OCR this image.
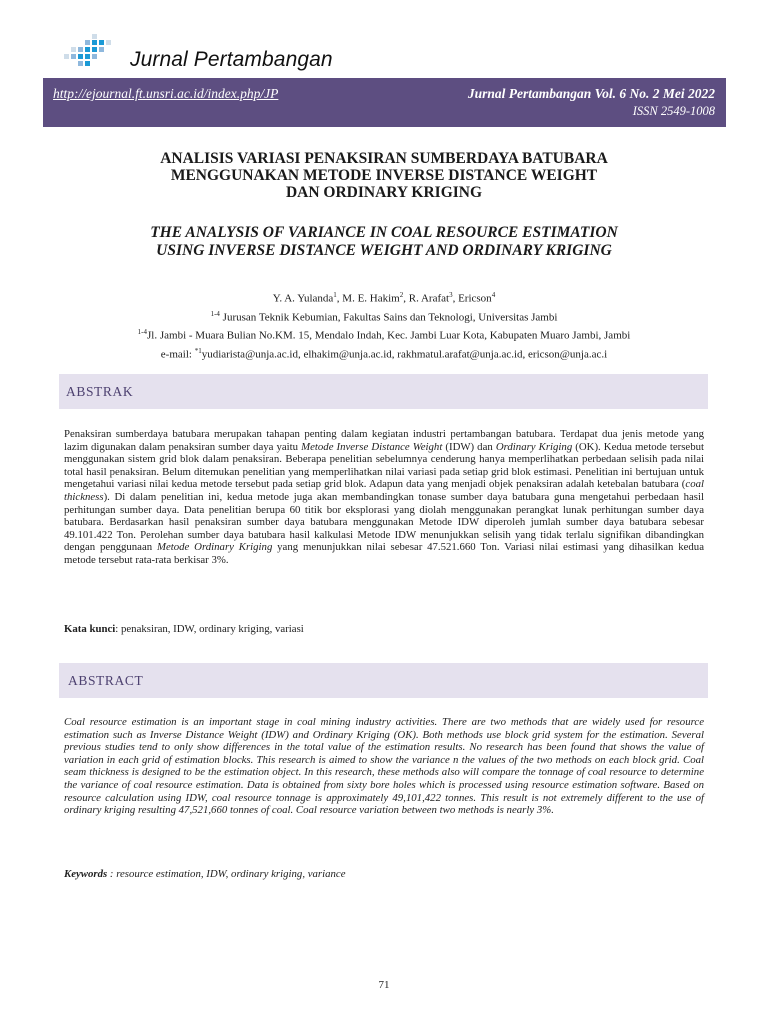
Jurnal Pertambangan
http://ejournal.ft.unsri.ac.id/index.php/JP	Jurnal Pertambangan Vol. 6 No. 2 Mei 2022
ISSN 2549-1008
ANALISIS VARIASI PENAKSIRAN SUMBERDAYA BATUBARA
MENGGUNAKAN METODE INVERSE DISTANCE WEIGHT
DAN ORDINARY KRIGING
THE ANALYSIS OF VARIANCE IN COAL RESOURCE ESTIMATION
USING INVERSE DISTANCE WEIGHT AND ORDINARY KRIGING
Y. A. Yulanda$^1$, M. E. Hakim$^2$, R. Arafat$^3$, Ericson$^4$
$^{1-4}$ Jurusan Teknik Kebumian, Fakultas Sains dan Teknologi, Universitas Jambi
$^{1-4}$Jl. Jambi - Muara Bulian No.KM. 15, Mendalo Indah, Kec. Jambi Luar Kota, Kabupaten Muaro Jambi, Jambi
e-mail: $^{*1}$yudiarista@unja.ac.id, elhakim@unja.ac.id, rakhmatul.arafat@unja.ac.id, ericson@unja.ac.i
ABSTRAK
Penaksiran sumberdaya batubara merupakan tahapan penting dalam kegiatan industri pertambangan batubara. Terdapat dua jenis metode yang lazim digunakan dalam penaksiran sumber daya yaitu Metode Inverse Distance Weight (IDW) dan Ordinary Kriging (OK). Kedua metode tersebut menggunakan sistem grid blok dalam penaksiran. Beberapa penelitian sebelumnya cenderung hanya memperlihatkan perbedaan selisih pada nilai total hasil penaksiran. Belum ditemukan penelitian yang memperlihatkan nilai variasi pada setiap grid blok estimasi. Penelitian ini bertujuan untuk mengetahui variasi nilai kedua metode tersebut pada setiap grid blok. Adapun data yang menjadi objek penaksiran adalah ketebalan batubara (coal thickness). Di dalam penelitian ini, kedua metode juga akan membandingkan tonase sumber daya batubara guna mengetahui perbedaan hasil perhitungan sumber daya. Data penelitian berupa 60 titik bor eksplorasi yang diolah menggunakan perangkat lunak perhitungan sumber daya batubara. Berdasarkan hasil penaksiran sumber daya batubara menggunakan Metode IDW diperoleh jumlah sumber daya batubara sebesar 49.101.422 Ton. Perolehan sumber daya batubara hasil kalkulasi Metode IDW menunjukkan selisih yang tidak terlalu signifikan dibandingkan dengan penggunaan Metode Ordinary Kriging yang menunjukkan nilai sebesar 47.521.660 Ton. Variasi nilai estimasi yang dihasilkan kedua metode tersebut rata-rata berkisar 3%.
Kata kunci: penaksiran, IDW, ordinary kriging, variasi
ABSTRACT
Coal resource estimation is an important stage in coal mining industry activities. There are two methods that are widely used for resource estimation such as Inverse Distance Weight (IDW) and Ordinary Kriging (OK). Both methods use block grid system for the estimation. Several previous studies tend to only show differences in the total value of the estimation results. No research has been found that shows the value of variation in each grid of estimation blocks. This research is aimed to show the variance n the values of the two methods on each block grid. Coal seam thickness is designed to be the estimation object. In this research, these methods also will compare the tonnage of coal resource to determine the variance of coal resource estimation. Data is obtained from sixty bore holes which is processed using resource estimation software. Based on resource calculation using IDW, coal resource tonnage is approximately 49,101,422 tonnes. This result is not extremely different to the use of ordinary kriging resulting 47,521,660 tonnes of coal. Coal resource variation between two methods is nearly 3%.
Keywords : resource estimation, IDW, ordinary kriging, variance
71
